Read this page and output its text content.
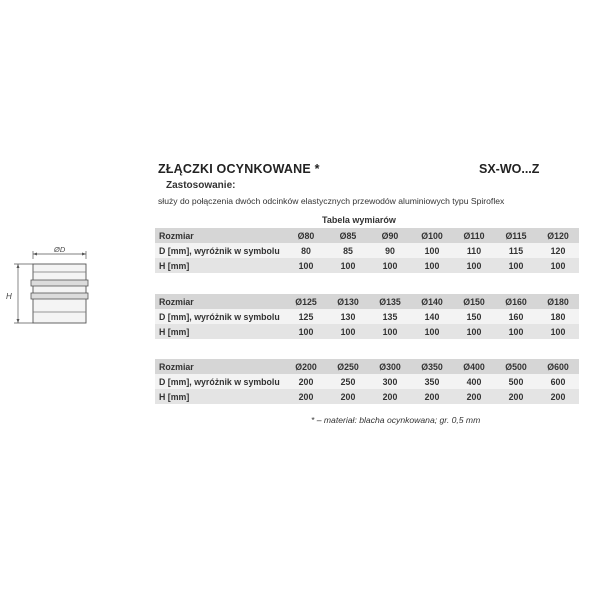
ZŁĄCZKI OCYNKOWANE *	SX-WO...Z
Zastosowanie:
służy do połączenia dwóch odcinków elastycznych przewodów aluminiowych typu Spiroflex
ØD
H
Tabela wymiarów
Rozmiar	Ø80	Ø85	Ø90	Ø100	Ø110	Ø115	Ø120
D [mm], wyróżnik w symbolu	80	85	90	100	110	115	120
H [mm]	100	100	100	100	100	100	100
Rozmiar	Ø125	Ø130	Ø135	Ø140	Ø150	Ø160	Ø180
D [mm], wyróżnik w symbolu	125	130	135	140	150	160	180
H [mm]	100	100	100	100	100	100	100
Rozmiar	Ø200	Ø250	Ø300	Ø350	Ø400	Ø500	Ø600
D [mm], wyróżnik w symbolu	200	250	300	350	400	500	600
H [mm]	200	200	200	200	200	200	200
* – materiał: blacha ocynkowana; gr. 0,5 mm
